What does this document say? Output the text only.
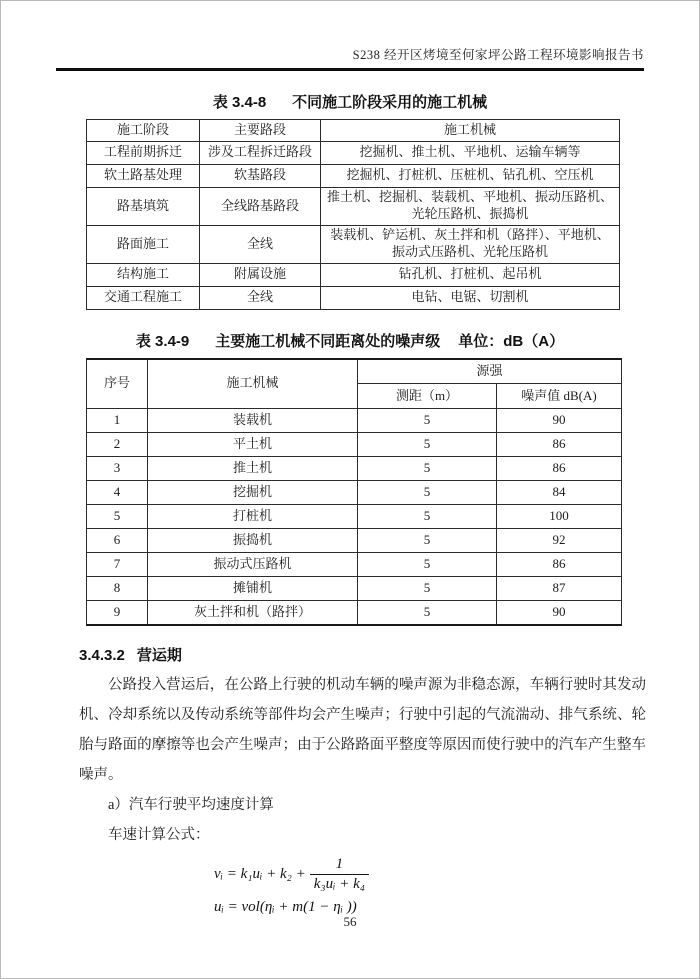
S238 经开区烤境至何家坪公路工程环境影响报告书
表 3.4-8 不同施工阶段采用的施工机械
施工阶段	主要路段	施工机械
工程前期拆迁	涉及工程拆迁路段	挖掘机、推土机、平地机、运输车辆等
软土路基处理	软基路段	挖掘机、打桩机、压桩机、钻孔机、空压机
路基填筑	全线路基路段	推土机、挖掘机、装载机、平地机、振动压路机、光轮压路机、振捣机
路面施工	全线	装载机、铲运机、灰土拌和机（路拌）、平地机、振动式压路机、光轮压路机
结构施工	附属设施	钻孔机、打桩机、起吊机
交通工程施工	全线	电钻、电锯、切割机
表 3.4-9 主要施工机械不同距离处的噪声级 单位：dB（A）
序号	施工机械	源强	
		测距（m）	噪声值 dB(A)
1	装载机	5	90
2	平土机	5	86
3	推土机	5	86
4	挖掘机	5	84
5	打桩机	5	100
6	振捣机	5	92
7	振动式压路机	5	86
8	摊铺机	5	87
9	灰土拌和机（路拌）	5	90
3.4.3.2 营运期

公路投入营运后，在公路上行驶的机动车辆的噪声源为非稳态源，车辆行驶时其发动机、冷却系统以及传动系统等部件均会产生噪声；行驶中引起的气流湍动、排气系统、轮胎与路面的摩擦等也会产生噪声；由于公路路面平整度等原因而使行驶中的汽车产生整车噪声。

a）汽车行驶平均速度计算

车速计算公式：

vᵢ = k₁uᵢ + $k_2 + \frac{1}{\text{k₃uᵢ + k₄}}$
uᵢ = vol(ηᵢ + m(1 − ηᵢ ))
56
